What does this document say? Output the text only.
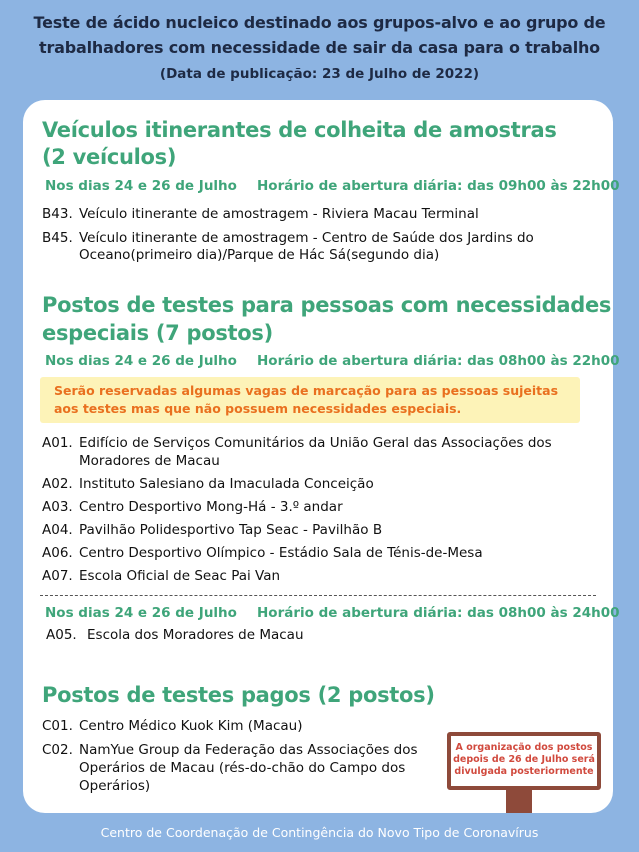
Teste de ácido nucleico destinado aos grupos-alvo e ao grupo de
trabalhadores com necessidade de sair da casa para o trabalho
(Data de publicação: 23 de Julho de 2022)
Veículos itinerantes de colheita de amostras
(2 veículos)
Nos dias 24 e 26 de Julho Horário de abertura diária: das 09h00 às 22h00
B43. Veículo itinerante de amostragem - Riviera Macau Terminal
B45. Veículo itinerante de amostragem - Centro de Saúde dos Jardins do
Oceano(primeiro dia)/Parque de Hác Sá(segundo dia)
Postos de testes para pessoas com necessidades
especiais (7 postos)
Nos dias 24 e 26 de Julho Horário de abertura diária: das 08h00 às 22h00
Serão reservadas algumas vagas de marcação para as pessoas sujeitas
aos testes mas que não possuem necessidades especiais.
A01. Edifício de Serviços Comunitários da União Geral das Associações dos
Moradores de Macau
A02. Instituto Salesiano da Imaculada Conceição
A03. Centro Desportivo Mong-Há - 3.º andar
A04. Pavilhão Polidesportivo Tap Seac - Pavilhão B
A06. Centro Desportivo Olímpico - Estádio Sala de Ténis-de-Mesa
A07. Escola Oficial de Seac Pai Van
Nos dias 24 e 26 de Julho Horário de abertura diária: das 08h00 às 24h00
A05. Escola dos Moradores de Macau
Postos de testes pagos (2 postos)
C01. Centro Médico Kuok Kim (Macau)
C02. NamYue Group da Federação das Associações dos
Operários de Macau (rés-do-chão do Campo dos
Operários)
A organização dos postos
depois de 26 de Julho será
divulgada posteriormente
Centro de Coordenação de Contingência do Novo Tipo de Coronavírus
